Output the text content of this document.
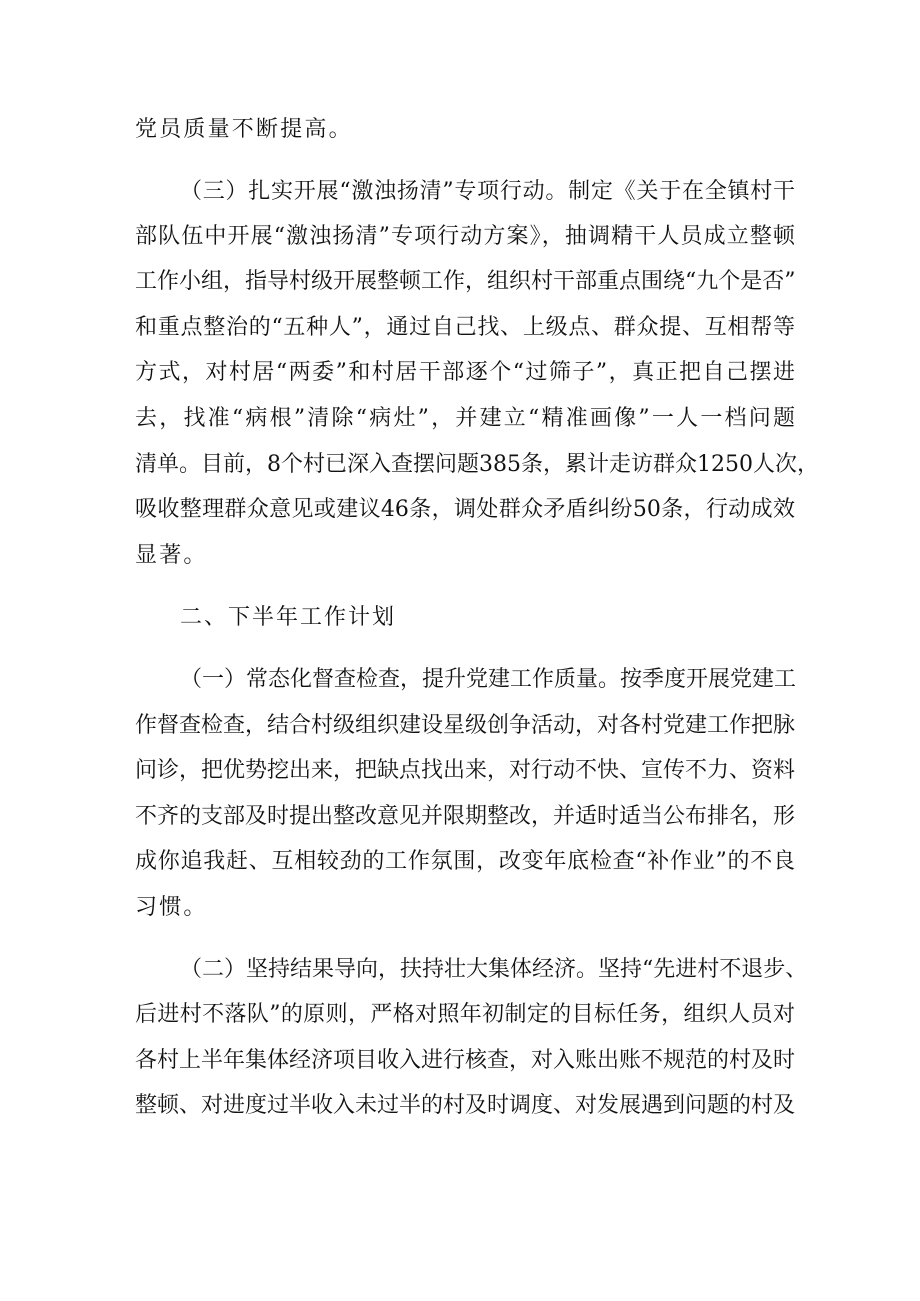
党员质量不断提高。
（三）扎实开展“激浊扬清”专项行动。制定《关于在全镇村干
部队伍中开展“激浊扬清”专项行动方案》，抽调精干人员成立整顿
工作小组，指导村级开展整顿工作，组织村干部重点围绕“九个是否”
和重点整治的“五种人”，通过自己找、上级点、群众提、互相帮等
方式，对村居“两委”和村居干部逐个“过筛子”，真正把自己摆进
去，找准“病根”清除“病灶”，并建立“精准画像”一人一档问题
清单。目前，8个村已深入查摆问题385条，累计走访群众1250人次，
吸收整理群众意见或建议46条，调处群众矛盾纠纷50条，行动成效
显著。
二、下半年工作计划
（一）常态化督查检查，提升党建工作质量。按季度开展党建工
作督查检查，结合村级组织建设星级创争活动，对各村党建工作把脉
问诊，把优势挖出来，把缺点找出来，对行动不快、宣传不力、资料
不齐的支部及时提出整改意见并限期整改，并适时适当公布排名，形
成你追我赶、互相较劲的工作氛围，改变年底检查“补作业”的不良
习惯。
（二）坚持结果导向，扶持壮大集体经济。坚持“先进村不退步、
后进村不落队”的原则，严格对照年初制定的目标任务，组织人员对
各村上半年集体经济项目收入进行核查，对入账出账不规范的村及时
整顿、对进度过半收入未过半的村及时调度、对发展遇到问题的村及
